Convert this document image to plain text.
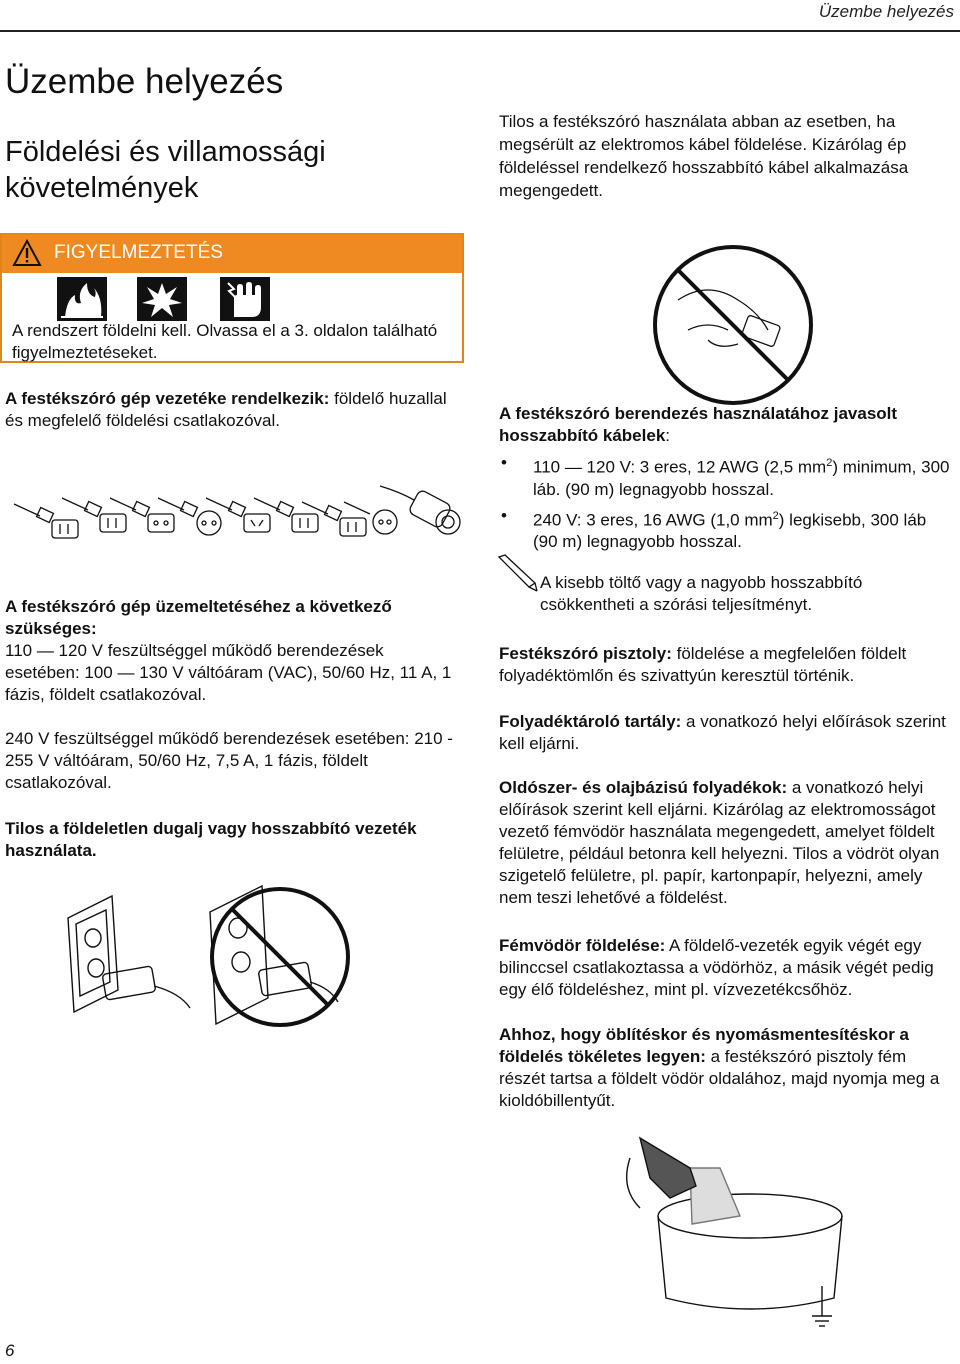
Üzembe helyezés
Üzembe helyezés
Földelési és villamossági
követelmények
Tilos a festékszóró használata abban az esetben, ha megsérült az elektromos kábel földelése. Kizárólag ép földeléssel rendelkező hosszabbító kábel alkalmazása megengedett.
FIGYELMEZTETÉS
A rendszert földelni kell. Olvassa el a 3. oldalon található figyelmeztetéseket.

A festékszóró gép vezetéke rendelkezik: földelő huzallal és megfelelő földelési csatlakozóval.

A festékszóró gép üzemeltetéséhez a következő szükséges:

110 — 120 V feszültséggel működő berendezések esetében: 100 — 130 V váltóáram (VAC), 50/60 Hz, 11 A, 1 fázis, földelt csatlakozóval.

240 V feszültséggel működő berendezések esetében: 210 - 255 V váltóáram, 50/60 Hz, 7,5 A, 1 fázis, földelt csatlakozóval.

Tilos a földeletlen dugalj vagy hosszabbító vezeték használata.

A festékszóró berendezés használatához javasolt hosszabbító kábelek:

• 110 — 120 V: 3 eres, 12 AWG (2,5 $mm^2$) minimum, 300 láb. (90 m) legnagyobb hosszal.
• 240 V: 3 eres, 16 AWG (1,0 $mm^2$) legkisebb, 300 láb (90 m) legnagyobb hosszal.

A kisebb töltő vagy a nagyobb hosszabbító csökkentheti a szórási teljesítményt.

Festékszóró pisztoly: földelése a megfelelően földelt folyadéktömlőn és szivattyún keresztül történik.

Folyadéktároló tartály: a vonatkozó helyi előírások szerint kell eljárni.

Oldószer- és olajbázisú folyadékok: a vonatkozó helyi előírások szerint kell eljárni. Kizárólag az elektromosságot vezető fémvödör használata megengedett, amelyet földelt felületre, például betonra kell helyezni. Tilos a vödröt olyan szigetelő felületre, pl. papír, kartonpapír, helyezni, amely nem teszi lehetővé a földelést.

Fémvödör földelése: A földelő-vezeték egyik végét egy bilinccsel csatlakoztassa a vödörhöz, a másik végét pedig egy élő földeléshez, mint pl. vízvezetékcsőhöz.

Ahhoz, hogy öblítéskor és nyomásmentesítéskor a földelés tökéletes legyen: a festékszóró pisztoly fém részét tartsa a földelt vödör oldalához, majd nyomja meg a kioldóbillentyűt.

6
